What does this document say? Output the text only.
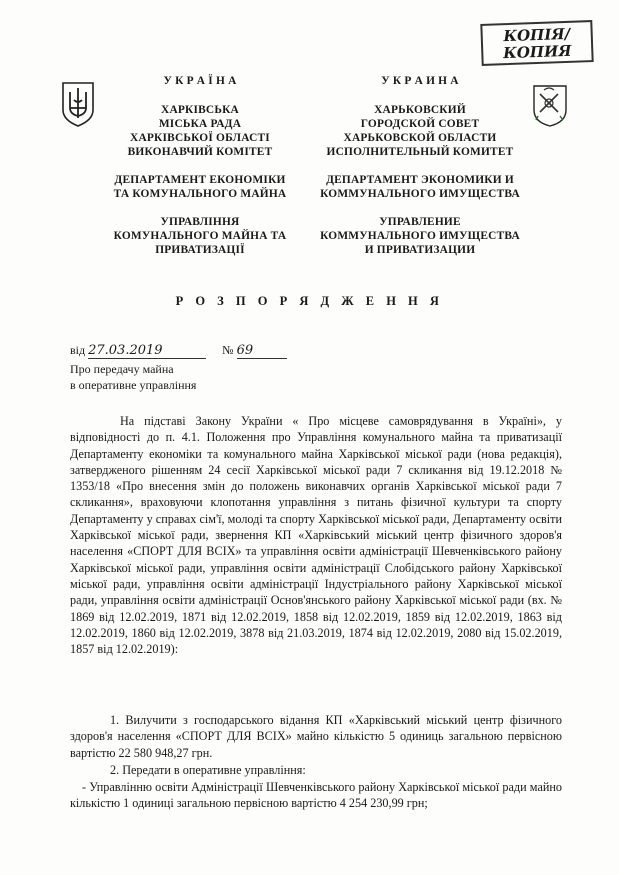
КОПІЯ/
КОПИЯ
У К Р А Ї Н А
ХАРКІВСЬКА
МІСЬКА РАДА
ХАРКІВСЬКОЇ ОБЛАСТІ
ВИКОНАВЧИЙ КОМІТЕТ
ДЕПАРТАМЕНТ ЕКОНОМІКИ
ТА КОМУНАЛЬНОГО МАЙНА
УПРАВЛІННЯ
КОМУНАЛЬНОГО МАЙНА ТА
ПРИВАТИЗАЦІЇ
У К Р А И Н А
ХАРЬКОВСКИЙ
ГОРОДСКОЙ СОВЕТ
ХАРЬКОВСКОЙ ОБЛАСТИ
ИСПОЛНИТЕЛЬНЫЙ КОМИТЕТ
ДЕПАРТАМЕНТ ЭКОНОМИКИ И
КОММУНАЛЬНОГО ИМУЩЕСТВА
УПРАВЛЕНИЕ
КОММУНАЛЬНОГО ИМУЩЕСТВА
И ПРИВАТИЗАЦИИ
Р О З П О Р Я Д Ж Е Н Н Я
від 27.03.2019	№ 69
Про передачу майна
в оперативне управління

На підставі Закону України « Про місцеве самоврядування в Україні», у відповідності до п. 4.1. Положення про Управління комунального майна та приватизації Департаменту економіки та комунального майна Харківської міської ради (нова редакція), затвердженого рішенням 24 сесії Харківської міської ради 7 скликання від 19.12.2018 № 1353/18 «Про внесення змін до положень виконавчих органів Харківської міської ради 7 скликання», враховуючи клопотання управління з питань фізичної культури та спорту Департаменту у справах сім'ї, молоді та спорту Харківської міської ради, Департаменту освіти Харківської міської ради, звернення КП «Харківський міський центр фізичного здоров'я населення «СПОРТ ДЛЯ ВСІХ» та управління освіти адміністрації Шевченківського району Харківської міської ради, управління освіти адміністрації Слобідського району Харківської міської ради, управління освіти адміністрації Індустріального району Харківської міської ради, управління освіти адміністрації Основ'янського району Харківської міської ради (вх. № 1869 від 12.02.2019, 1871 від 12.02.2019, 1858 від 12.02.2019, 1859 від 12.02.2019, 1863 від 12.02.2019, 1860 від 12.02.2019, 3878 від 21.03.2019, 1874 від 12.02.2019, 2080 від 15.02.2019, 1857 від 12.02.2019):

1. Вилучити з господарського відання КП «Харківський міський центр фізичного здоров'я населення «СПОРТ ДЛЯ ВСІХ» майно кількістю 5 одиниць загальною первісною вартістю 22 580 948,27 грн.

2. Передати в оперативне управління:

- Управлінню освіти Адміністрації Шевченківського району Харківської міської ради майно кількістю 1 одиниці загальною первісною вартістю 4 254 230,99 грн;
